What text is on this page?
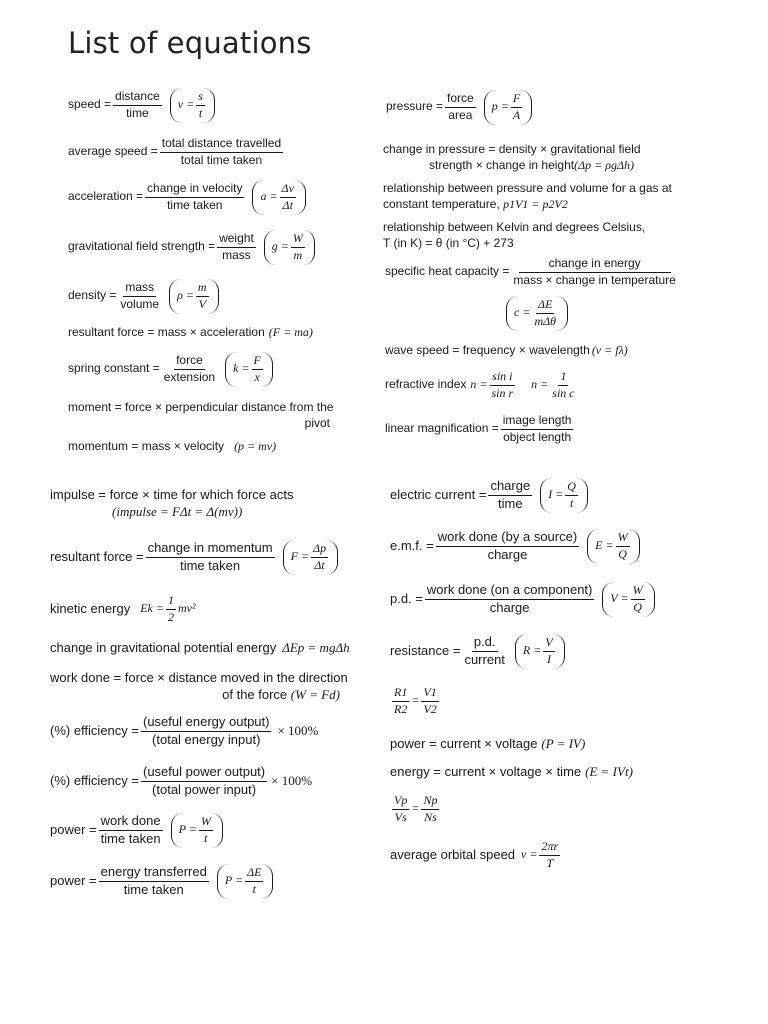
List of equations
speed = $\frac{\text{distance}}{\text{time}}$ $v = \frac{s}{t}$
average speed = $\frac{\text{total distance travelled}}{\text{total time taken}}$
acceleration = $\frac{\text{change in velocity}}{\text{time taken}}$ $a = \frac{\Delta v}{\Delta t}$
gravitational field strength = $\frac{\text{weight}}{\text{mass}}$ $g = \frac{W}{m}$
density = $\frac{\text{mass}}{\text{volume}}$ $\rho = \frac{m}{V}$
resultant force = mass × acceleration (F = ma)
spring constant = $\frac{\text{force}}{\text{extension}}$ $k = \frac{F}{x}$
moment = force × perpendicular distance from the
pivot
momentum = mass × velocity (p = mv)
impulse = force × time for which force acts
(impulse = FΔt = Δ(mv))
resultant force = $\frac{\text{change in momentum}}{\text{time taken}}$ $F = \frac{\Delta p}{\Delta t}$
kinetic energy $Ek = \frac{1}{2} mv^2$
change in gravitational potential energy ΔEp = mgΔh
work done = force × distance moved in the direction
of the force (W = Fd)
(%) efficiency = $\frac{\text{(useful energy output)}}{\text{(total energy input)}} \times 100\%$
(%) efficiency = $\frac{\text{(useful power output)}}{\text{(total power input)}} \times 100\%$
power = $\frac{\text{work done}}{\text{time taken}}$ $P = \frac{W}{t}$
power = $\frac{\text{energy transferred}}{\text{time taken}}$ $P = \frac{\Delta E}{t}$
pressure = $\frac{\text{force}}{\text{area}}$ $p = \frac{F}{A}$
change in pressure = density × gravitational field
strength × change in height(Δp = ρgΔh)
relationship between pressure and volume for a gas at
constant temperature, p1V1 = p2V2
relationship between Kelvin and degrees Celsius,
T (in K) = θ (in °C) + 273
specific heat capacity = $\frac{\text{change in energy}}{\text{mass × change in temperature}}$
$c = \frac{\Delta E}{\text{mΔθ}}$
wave speed = frequency × wavelength (v = fλ)
refractive index $n = \frac{\text{sin i}}{\text{sin r}}$ $n = \frac{1}{\text{sin c}}$
linear magnification = $\frac{\text{image length}}{\text{object length}}$
electric current = $\frac{\text{charge}}{\text{time}}$ $I = \frac{Q}{t}$
e.m.f. = $\frac{\text{work done (by a source)}}{\text{charge}}$ $E = \frac{W}{Q}$
p.d. = $\frac{\text{work done (on a component)}}{\text{charge}}$ $V = \frac{W}{Q}$
resistance = $\frac{p.d.}{\text{current}}$ $R = \frac{V}{I}$
$\frac{R1}{R2} = \frac{V1}{V2}$
power = current × voltage (P = IV)
energy = current × voltage × time (E = IVt)
$\frac{Vp}{Vs} = \frac{Np}{Ns}$
average orbital speed $v = \frac{2\pi r}{T}$
